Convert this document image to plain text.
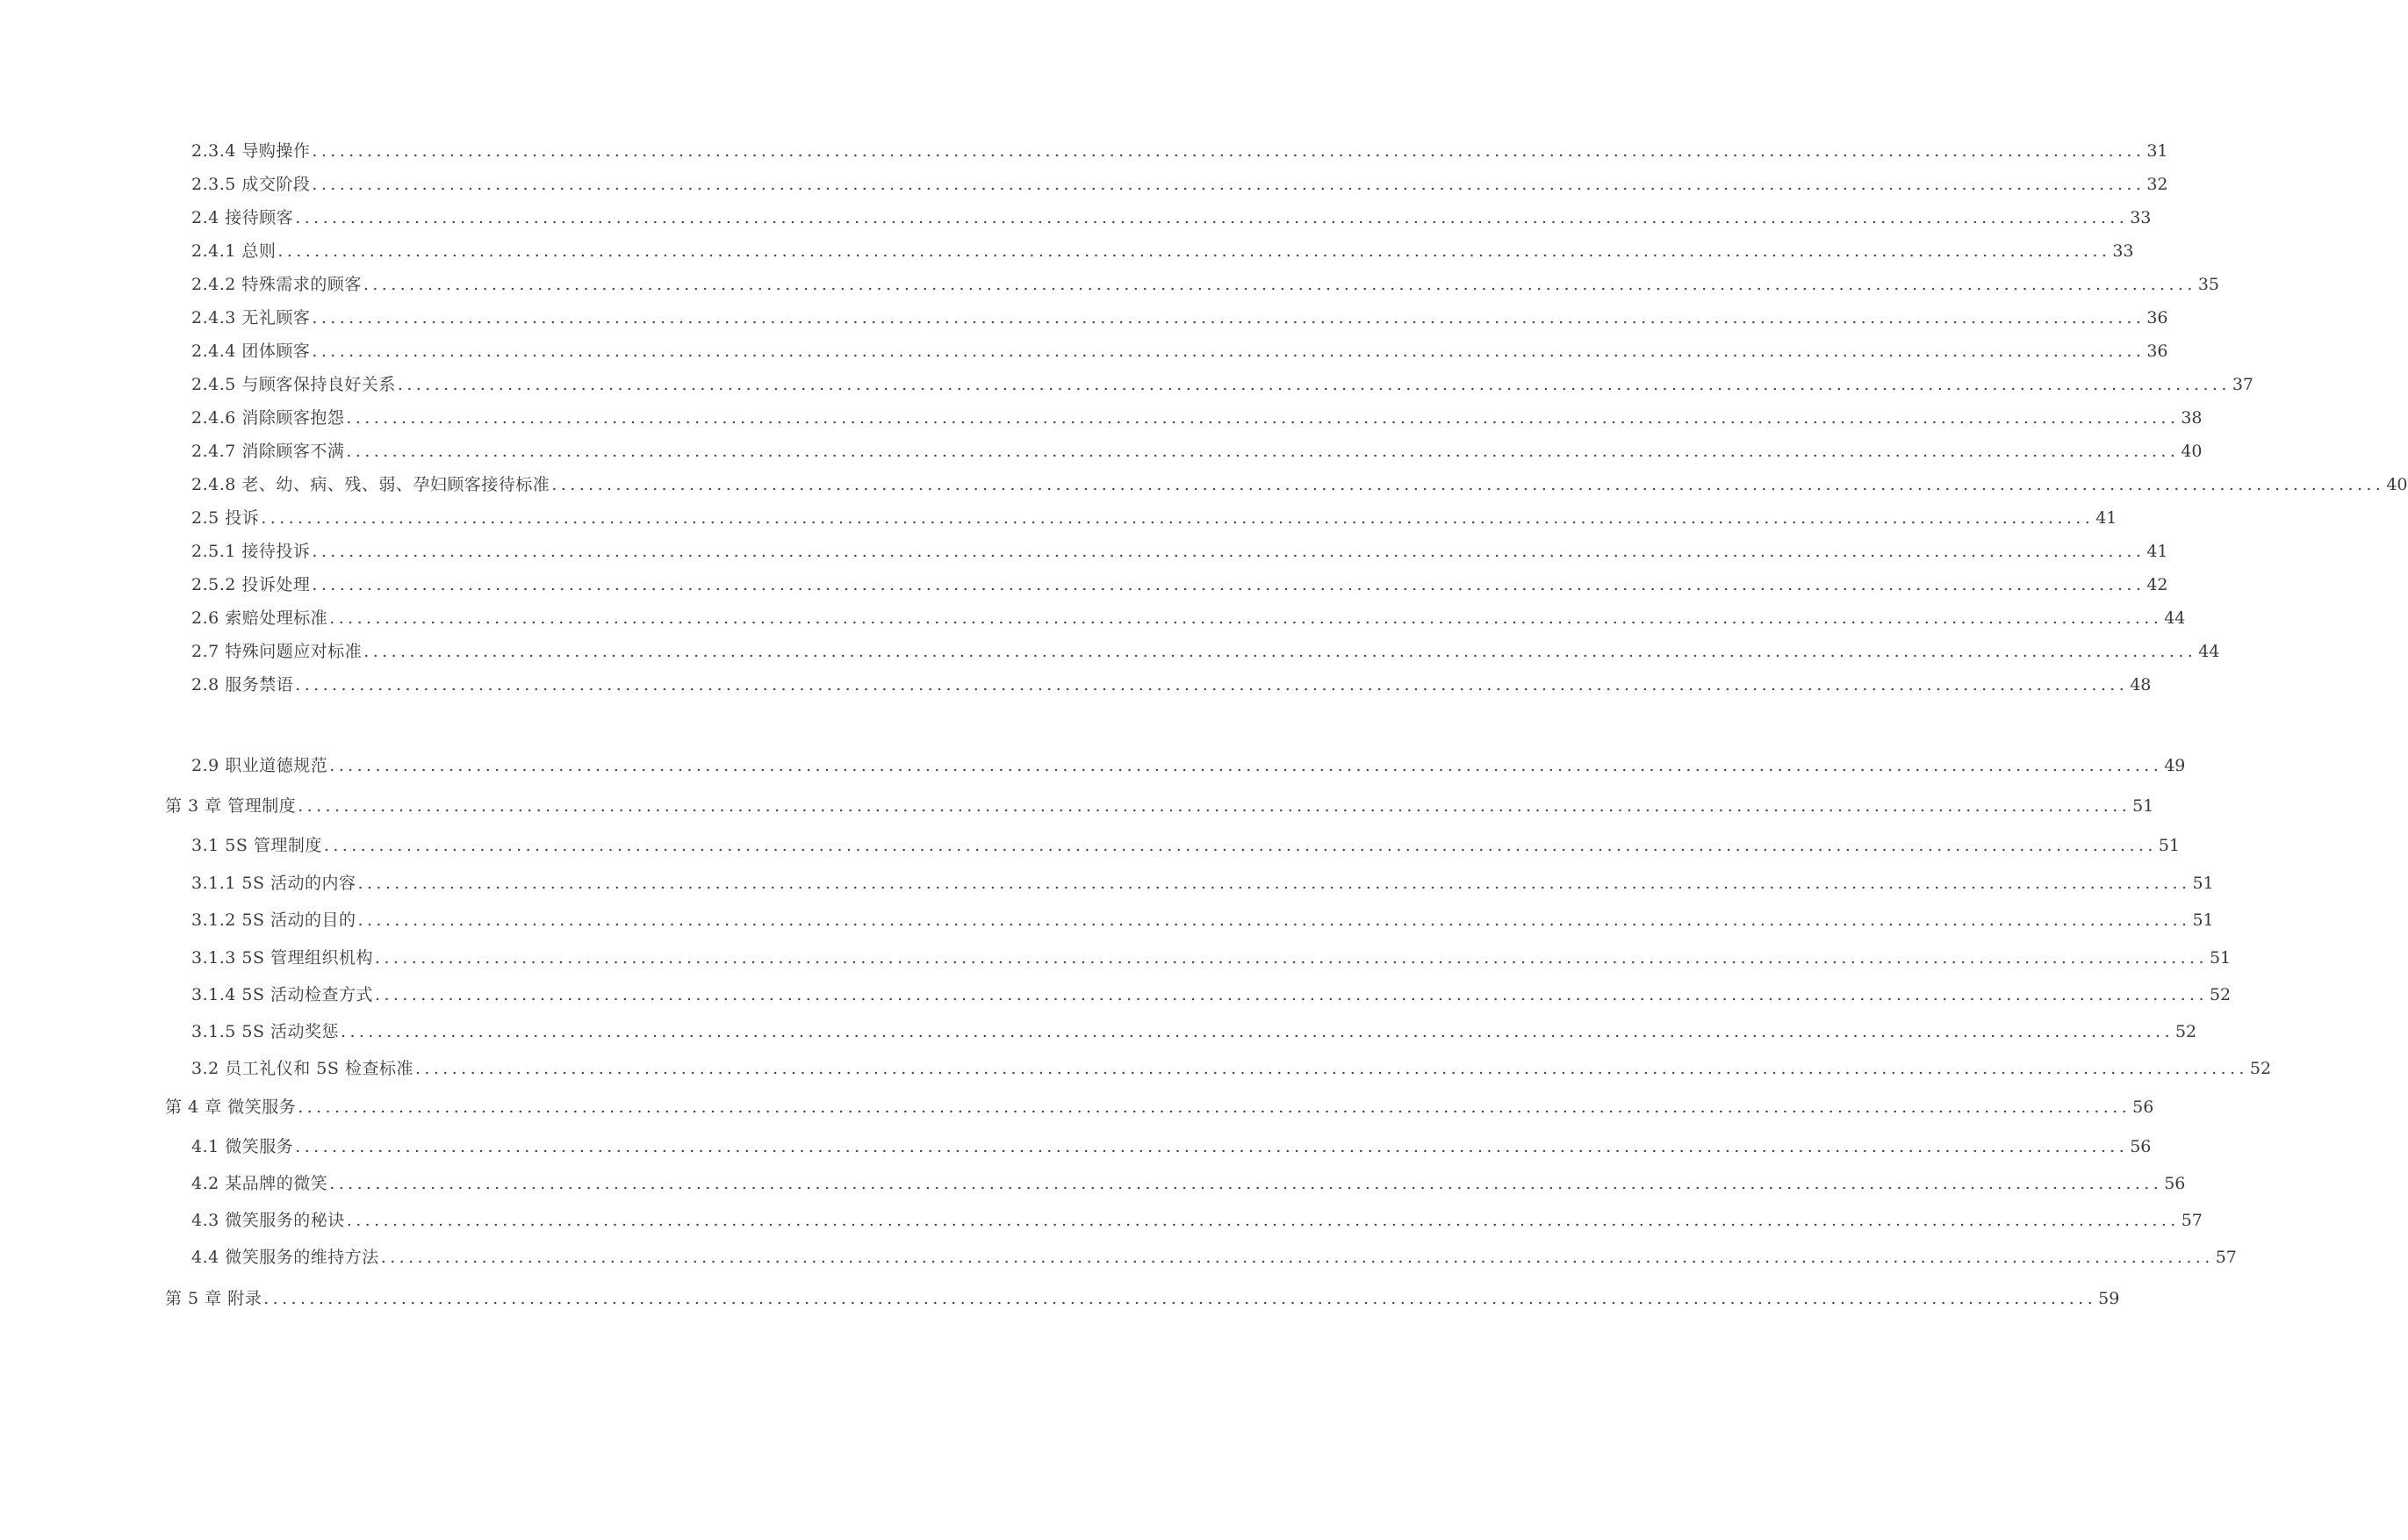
2.3.4 导购操作 ........................................................................................................................................................................................................ 31
2.3.5 成交阶段 ........................................................................................................................................................................................................ 32
2.4 接待顾客 ........................................................................................................................................................................................................ 33
2.4.1 总则 ........................................................................................................................................................................................................ 33
2.4.2 特殊需求的顾客 ........................................................................................................................................................................................................ 35
2.4.3 无礼顾客 ........................................................................................................................................................................................................ 36
2.4.4 团体顾客 ........................................................................................................................................................................................................ 36
2.4.5 与顾客保持良好关系 ........................................................................................................................................................................................................ 37
2.4.6 消除顾客抱怨 ........................................................................................................................................................................................................ 38
2.4.7 消除顾客不满 ........................................................................................................................................................................................................ 40
2.4.8 老、幼、病、残、弱、孕妇顾客接待标准 ........................................................................................................................................................................................................ 40
2.5 投诉 ........................................................................................................................................................................................................ 41
2.5.1 接待投诉 ........................................................................................................................................................................................................ 41
2.5.2 投诉处理 ........................................................................................................................................................................................................ 42
2.6 索赔处理标准 ........................................................................................................................................................................................................ 44
2.7 特殊问题应对标准 ........................................................................................................................................................................................................ 44
2.8 服务禁语 ........................................................................................................................................................................................................ 48
2.9 职业道德规范 ........................................................................................................................................................................................................ 49
第 3 章 管理制度 ........................................................................................................................................................................................................ 51
3.1 5S 管理制度 ........................................................................................................................................................................................................ 51
3.1.1 5S 活动的内容 ........................................................................................................................................................................................................ 51
3.1.2 5S 活动的目的 ........................................................................................................................................................................................................ 51
3.1.3 5S 管理组织机构 ........................................................................................................................................................................................................ 51
3.1.4 5S 活动检查方式 ........................................................................................................................................................................................................ 52
3.1.5 5S 活动奖惩 ........................................................................................................................................................................................................ 52
3.2 员工礼仪和 5S 检查标准 ........................................................................................................................................................................................................ 52
第 4 章 微笑服务 ........................................................................................................................................................................................................ 56
4.1 微笑服务 ........................................................................................................................................................................................................ 56
4.2 某品牌的微笑 ........................................................................................................................................................................................................ 56
4.3 微笑服务的秘诀 ........................................................................................................................................................................................................ 57
4.4 微笑服务的维持方法 ........................................................................................................................................................................................................ 57
第 5 章 附录 ........................................................................................................................................................................................................ 59
